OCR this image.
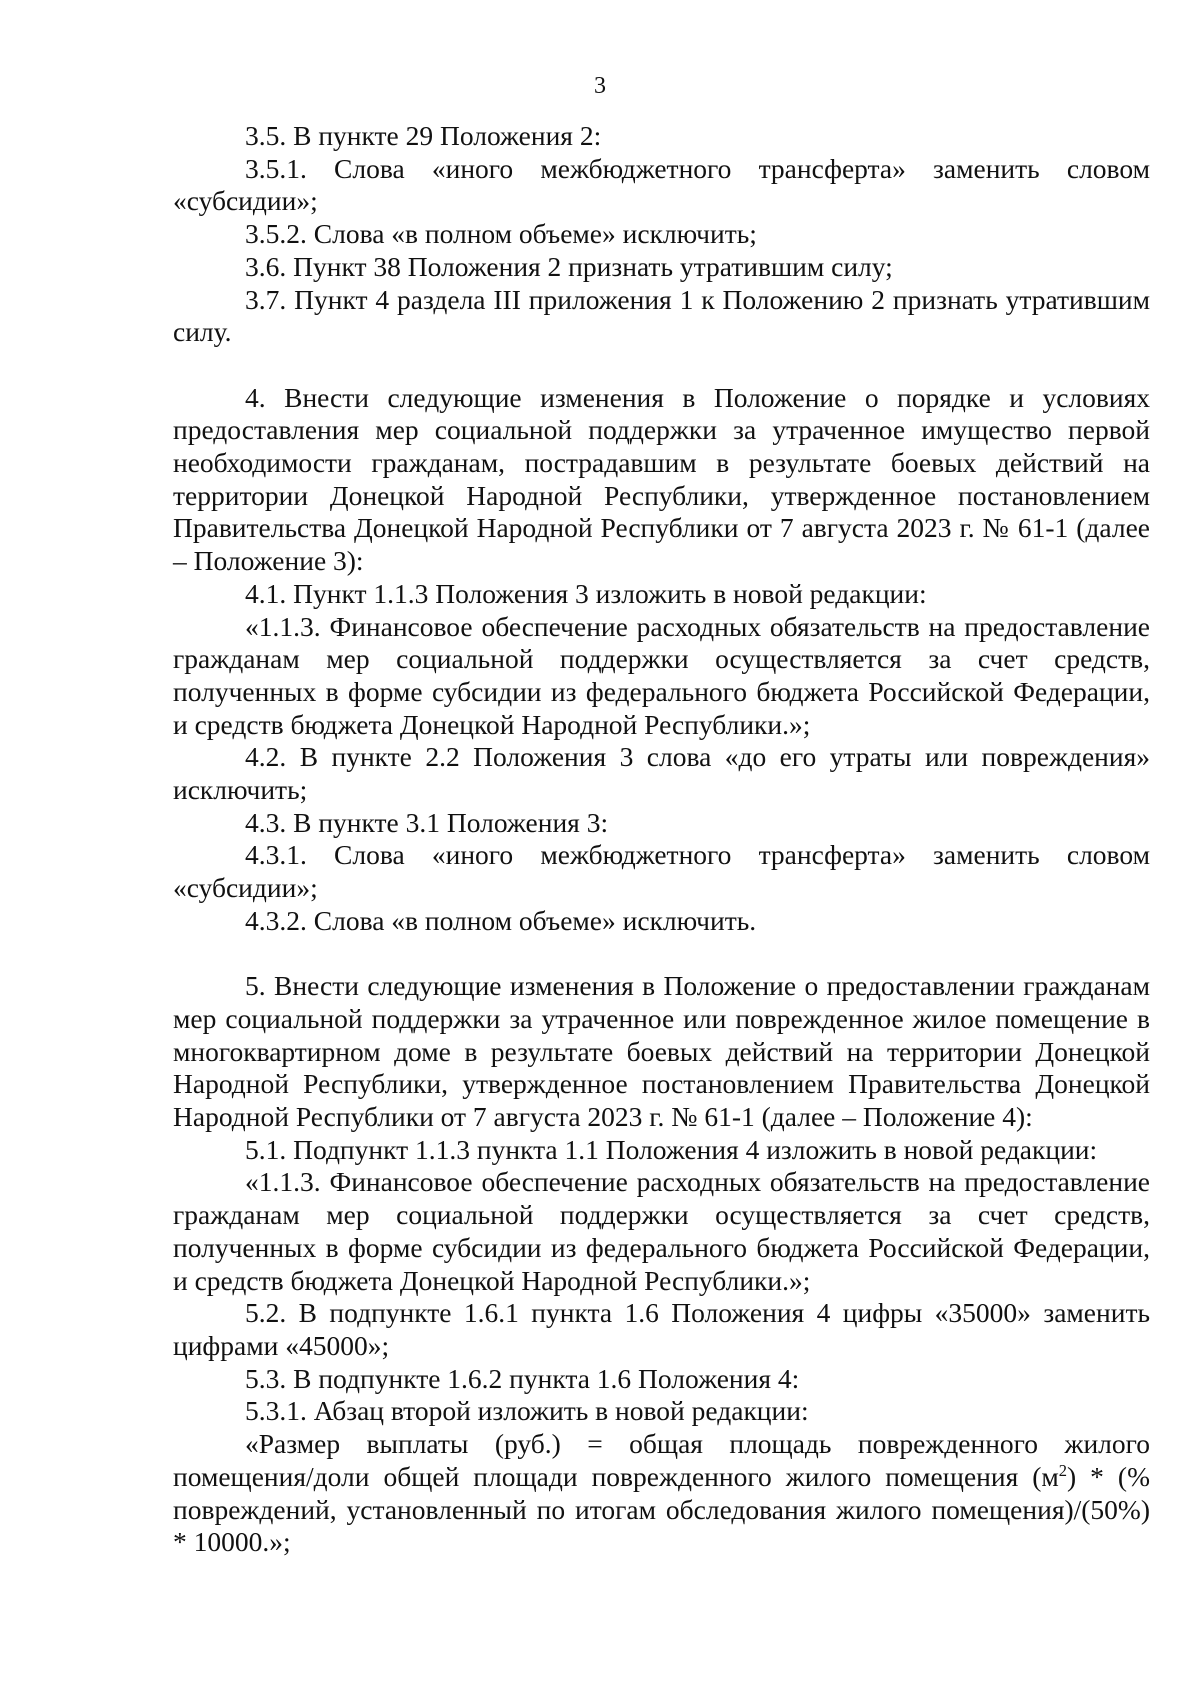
3

3.5. В пункте 29 Положения 2:

3.5.1. Слова «иного межбюджетного трансферта» заменить словом «субсидии»;

3.5.2. Слова «в полном объеме» исключить;

3.6. Пункт 38 Положения 2 признать утратившим силу;

3.7. Пункт 4 раздела III приложения 1 к Положению 2 признать утратившим силу.

4. Внести следующие изменения в Положение о порядке и условиях предоставления мер социальной поддержки за утраченное имущество первой необходимости гражданам, пострадавшим в результате боевых действий на территории Донецкой Народной Республики, утвержденное постановлением Правительства Донецкой Народной Республики от 7 августа 2023 г. № 61-1 (далее – Положение 3):

4.1. Пункт 1.1.3 Положения 3 изложить в новой редакции:

«1.1.3. Финансовое обеспечение расходных обязательств на предоставление гражданам мер социальной поддержки осуществляется за счет средств, полученных в форме субсидии из федерального бюджета Российской Федерации, и средств бюджета Донецкой Народной Республики.»;

4.2. В пункте 2.2 Положения 3 слова «до его утраты или повреждения» исключить;

4.3. В пункте 3.1 Положения 3:

4.3.1. Слова «иного межбюджетного трансферта» заменить словом «субсидии»;

4.3.2. Слова «в полном объеме» исключить.

5. Внести следующие изменения в Положение о предоставлении гражданам мер социальной поддержки за утраченное или поврежденное жилое помещение в многоквартирном доме в результате боевых действий на территории Донецкой Народной Республики, утвержденное постановлением Правительства Донецкой Народной Республики от 7 августа 2023 г. № 61-1 (далее – Положение 4):

5.1. Подпункт 1.1.3 пункта 1.1 Положения 4 изложить в новой редакции:

«1.1.3. Финансовое обеспечение расходных обязательств на предоставление гражданам мер социальной поддержки осуществляется за счет средств, полученных в форме субсидии из федерального бюджета Российской Федерации, и средств бюджета Донецкой Народной Республики.»;

5.2. В подпункте 1.6.1 пункта 1.6 Положения 4 цифры «35000» заменить цифрами «45000»;

5.3. В подпункте 1.6.2 пункта 1.6 Положения 4:

5.3.1. Абзац второй изложить в новой редакции:

«Размер выплаты (руб.) = общая площадь поврежденного жилого помещения/доли общей площади поврежденного жилого помещения $(м^2)$ * (% повреждений, установленный по итогам обследования жилого помещения)/(50%) * 10000.»;
